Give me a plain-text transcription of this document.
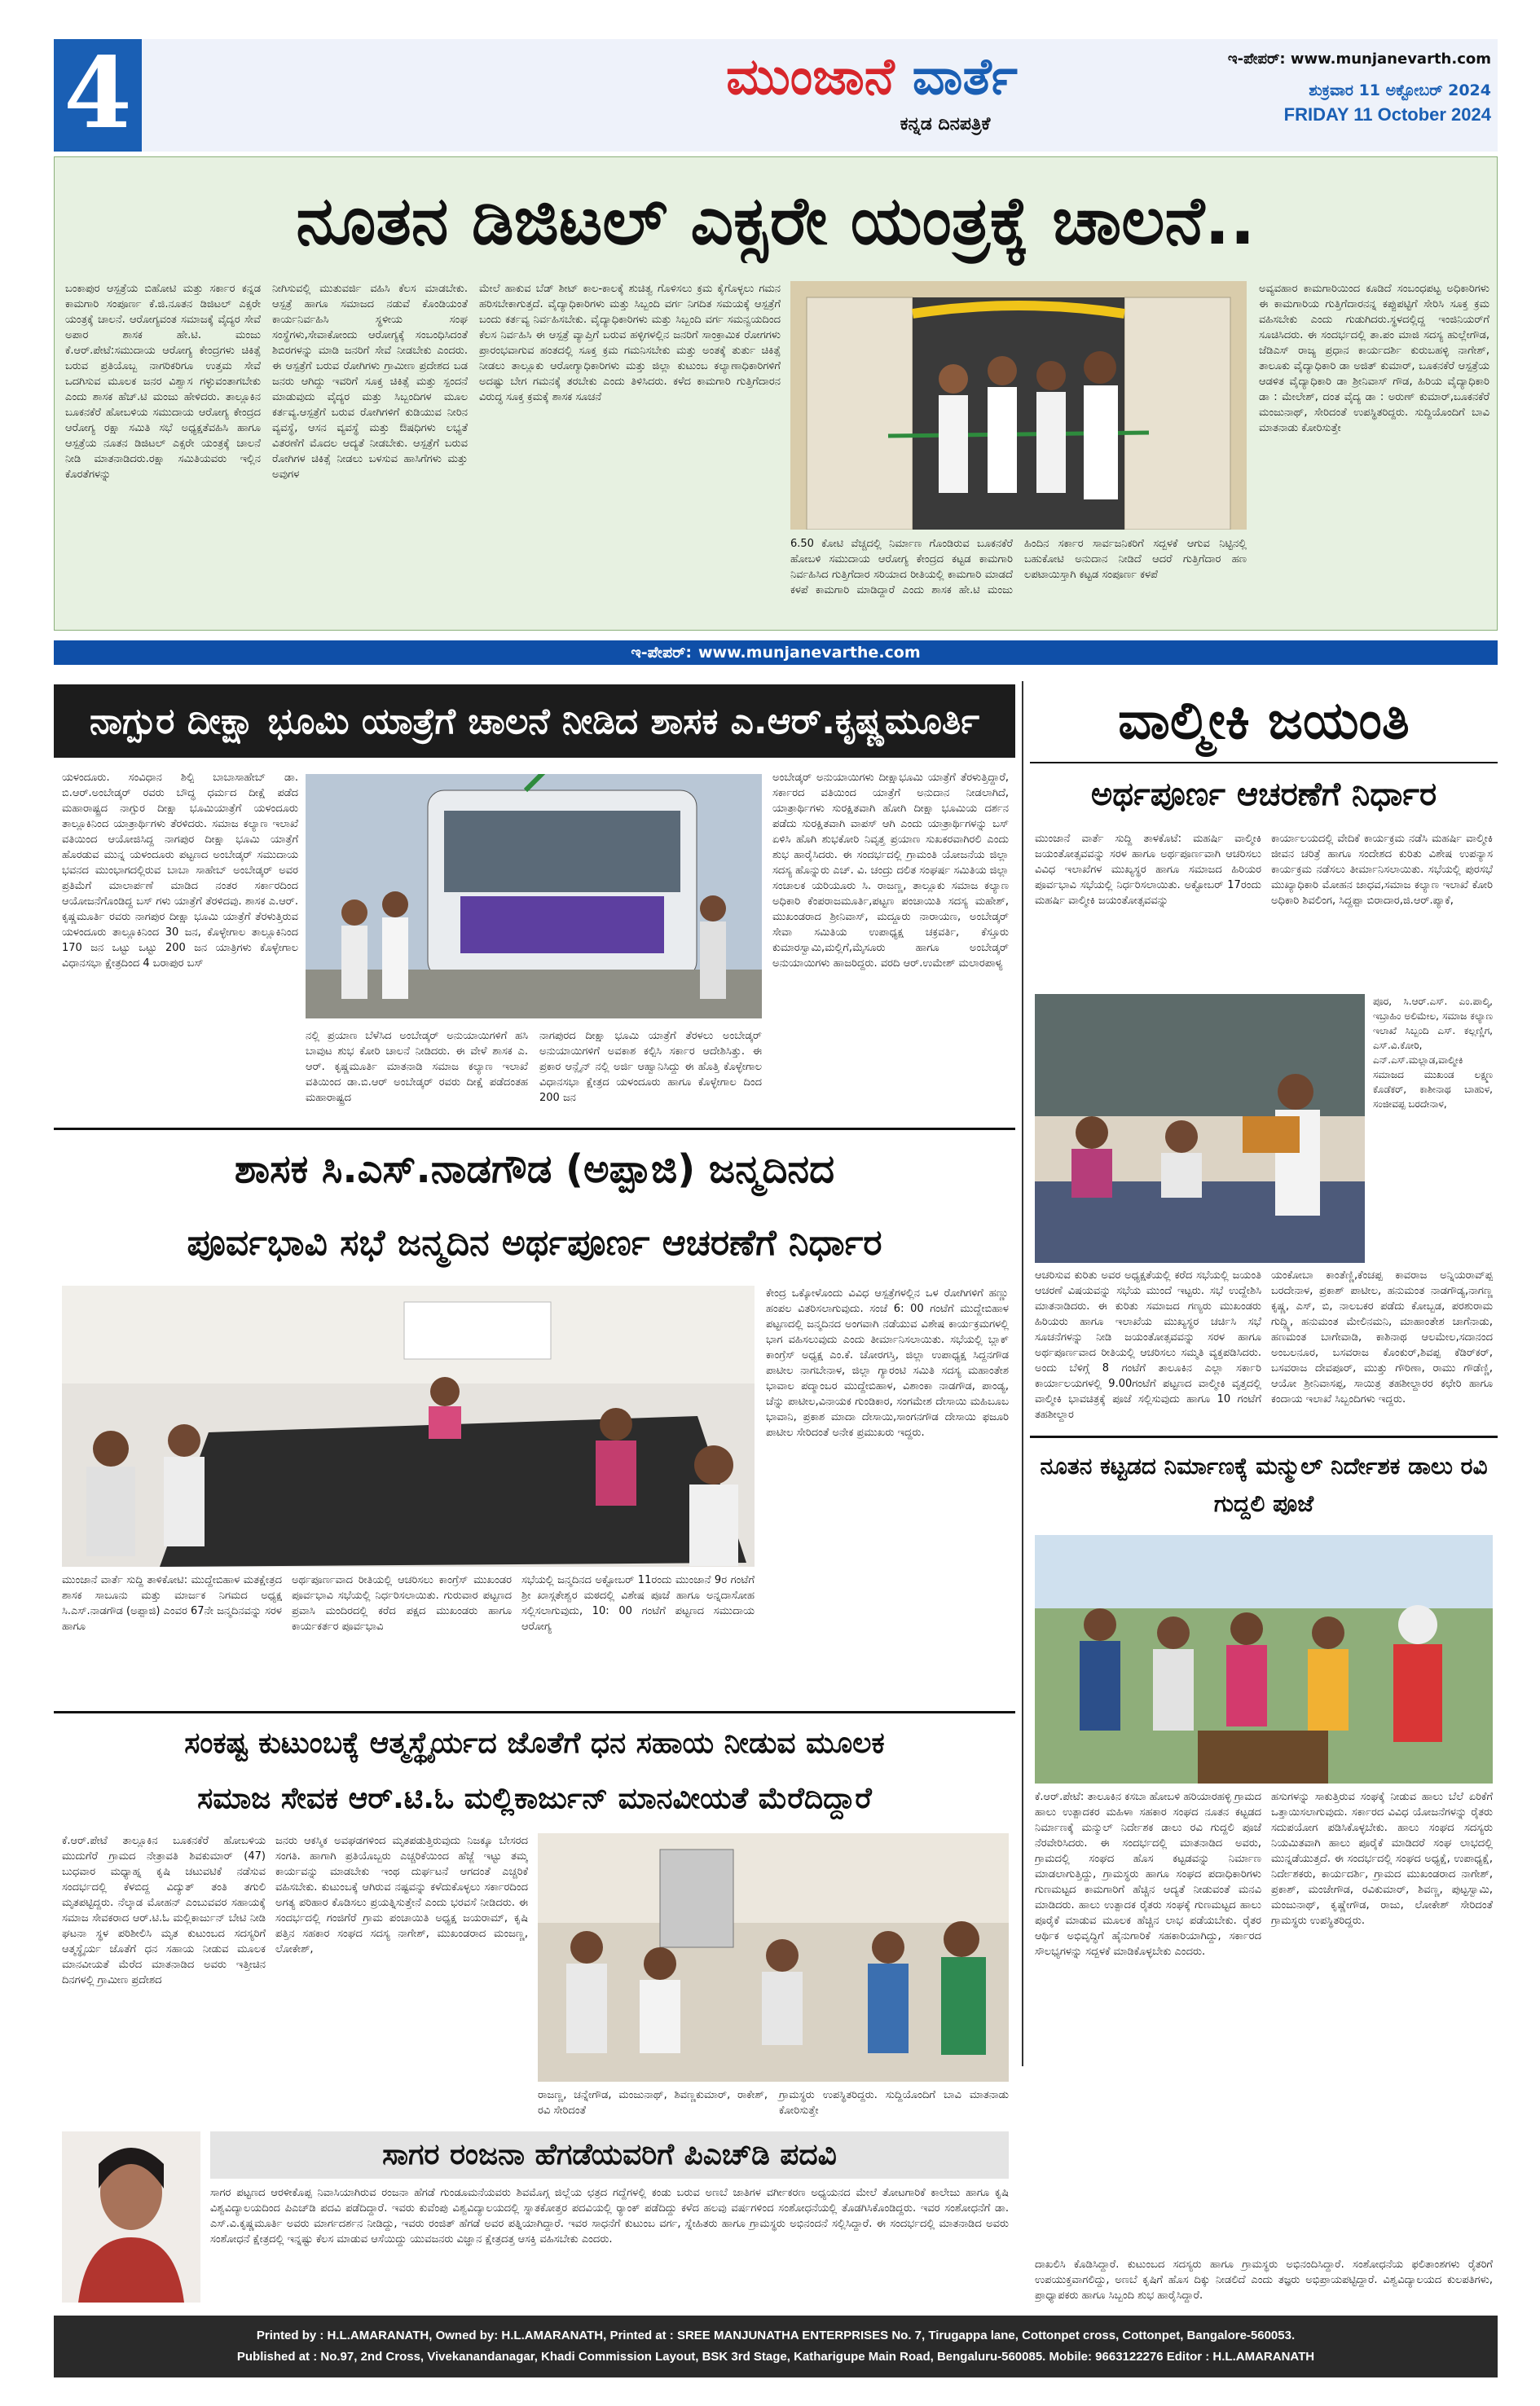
4	ಮುಂಜಾನೆ ವಾರ್ತೆ
ಕನ್ನಡ ದಿನಪತ್ರಿಕೆ
ಇ-ಪೇಪರ್: www.munjanevarth.com
ಶುಕ್ರವಾರ 11 ಅಕ್ಟೋಬರ್ 2024
FRIDAY 11 October 2024
ನೂತನ ಡಿಜಿಟಲ್ ಎಕ್ಸರೇ ಯಂತ್ರಕ್ಕೆ ಚಾಲನೆ..

ಬಂಕಾಪುರ ಆಸ್ಪತ್ರೆಯ ಬಿಹೋಟಿ ಮತ್ತು ಸರ್ಕಾರ ಕನ್ನಡ ಕಾಮಗಾರಿ ಸಂಪೂರ್ಣ ಕೆ.ಜಿ.ನೂತನ ಡಿಜಿಟಲ್ ಎಕ್ಸರೇ ಯಂತ್ರಕ್ಕೆ ಚಾಲನೆ. ಆರೋಗ್ಯವಂತ ಸಮಾಜಕ್ಕೆ ವೈದ್ಯರ ಸೇವೆ ಅಪಾರ ಶಾಸಕ ಹೇ.ಟಿ. ಮಂಜು ಕೆ.ಆರ್.ಪೇಟೆ:ಸಮುದಾಯ ಆರೋಗ್ಯ ಕೇಂದ್ರಗಳು ಚಿಕಿತ್ಸೆ ಬರುವ ಪ್ರತಿಯೊಬ್ಬ ನಾಗರಿಕರಿಗೂ ಉತ್ತಮ ಸೇವೆ ಒದಗಿಸುವ ಮೂಲಕ ಜನರ ವಿಶ್ವಾಸ ಗಳ್ಳುವಂತಾಗಬೇಕು ಎಂದು ಶಾಸಕ ಹೆಚ್.ಟಿ ಮಂಜು ಹೇಳಿದರು. ತಾಲ್ಲೂಕಿನ ಬೂಕನಕೆರೆ ಹೋಬಳಿಯ ಸಮುದಾಯ ಆರೋಗ್ಯ ಕೇಂದ್ರದ ಆರೋಗ್ಯ ರಕ್ಷಾ ಸಮಿತಿ ಸಭೆ ಅಧ್ಯಕ್ಷತೆವಹಿಸಿ ಹಾಗೂ ಆಸ್ಪತ್ರೆಯ ನೂತನ ಡಿಜಿಟಲ್ ಎಕ್ಸರೇ ಯಂತ್ರಕ್ಕೆ ಚಾಲನೆ ನೀಡಿ ಮಾತನಾಡಿದರು.ರಕ್ಷಾ ಸಮಿತಿಯವರು ಇಲ್ಲಿನ ಕೊರತೆಗಳನ್ನು

ನೀಗಿಸುವಲ್ಲಿ ಮುತುವರ್ಜಿ ವಹಿಸಿ ಕೆಲಸ ಮಾಡಬೇಕು. ಆಸ್ಪತ್ರೆ ಹಾಗೂ ಸಮಾಜದ ನಡುವೆ ಕೊಂಡಿಯಂತೆ ಕಾರ್ಯನಿರ್ವಹಿಸಿ ಸ್ಥಳೀಯ ಸಂಘ ಸಂಸ್ಥೆಗಳು,ಸೇವಾಕೋಂದು ಆರೋಗ್ಯಕ್ಕೆ ಸಂಬಂಧಿಸಿದಂತೆ ಶಿಬಿರಗಳನ್ನು ಮಾಡಿ ಜನರಿಗೆ ಸೇವೆ ನೀಡಬೇಕು ಎಂದರು. ಈ ಆಸ್ಪತ್ರೆಗೆ ಬರುವ ರೋಗಿಗಳು ಗ್ರಾಮೀಣ ಪ್ರದೇಶದ ಬಡ ಜನರು ಆಗಿದ್ದು ಇವರಿಗೆ ಸೂಕ್ತ ಚಿಕಿತ್ಸೆ ಮತ್ತು ಸ್ಪಂದನೆ ಮಾಡುವುದು ವೈದ್ಯರ ಮತ್ತು ಸಿಬ್ಬಂದಿಗಳ ಮೂಲ ಕರ್ತವ್ಯ.ಆಸ್ಪತ್ರೆಗೆ ಬರುವ ರೋಗಿಗಳಿಗೆ ಕುಡಿಯುವ ನೀರಿನ ವ್ಯವಸ್ಥೆ, ಆಸನ ವ್ಯವಸ್ಥೆ ಮತ್ತು ಔಷಧಿಗಳು ಲಭ್ಯತೆ ವಿತರಣೆಗೆ ಮೊದಲ ಆದ್ಯತೆ ನೀಡಬೇಕು. ಆಸ್ಪತ್ರೆಗೆ ಬರುವ ರೋಗಿಗಳ ಚಿಕಿತ್ಸೆ ನೀಡಲು ಬಳಸುವ ಹಾಸಿಗೆಗಳು ಮತ್ತು ಅವುಗಳ

ಮೇಲೆ ಹಾಕುವ ಬೆಡ್ ಶೀಟ್ ಕಾಲ-ಕಾಲಕ್ಕೆ ಶುಚಿತ್ವ ಗೊಳಿಸಲು ಕ್ರಮ ಕೈಗೊಳ್ಳಲು ಗಮನ ಹರಿಸಬೇಕಾಗುತ್ತದೆ. ವೈದ್ಯಾಧಿಕಾರಿಗಳು ಮತ್ತು ಸಿಬ್ಬಂದಿ ವರ್ಗ ನಿಗದಿತ ಸಮಯಕ್ಕೆ ಆಸ್ಪತ್ರೆಗೆ ಬಂದು ಕರ್ತವ್ಯ ನಿರ್ವಹಿಸಬೇಕು. ವೈದ್ಯಾಧಿಕಾರಿಗಳು ಮತ್ತು ಸಿಬ್ಬಂದಿ ವರ್ಗ ಸಮನ್ವಯದಿಂದ ಕೆಲಸ ನಿರ್ವಹಿಸಿ ಈ ಆಸ್ಪತ್ರೆ ವ್ಯಾಪ್ತಿಗೆ ಬರುವ ಹಳ್ಳಿಗಳಲ್ಲಿನ ಜನರಿಗೆ ಸಾಂಕ್ರಾಮಿಕ ರೋಗಗಳು ಪ್ರಾರಂಭವಾಗುವ ಹಂತದಲ್ಲಿ ಸೂಕ್ತ ಕ್ರಮ ಗಮನಿಸಬೇಕು ಮತ್ತು ಅಂತಕ್ಕೆ ತುರ್ತು ಚಿಕಿತ್ಸೆ ನೀಡಲು ತಾಲ್ಲೂಕು ಆರೋಗ್ಯಾಧಿಕಾರಿಗಳು ಮತ್ತು ಜಿಲ್ಲಾ ಕುಟುಂಬ ಕಲ್ಯಾಣಾಧಿಕಾರಿಗಳಿಗೆ ಅದಷ್ಟು ಬೇಗ ಗಮನಕ್ಕೆ ತರಬೇಕು ಎಂದು ತಿಳಿಸಿದರು. ಕಳೆದ ಕಾಮಗಾರಿ ಗುತ್ತಿಗೆದಾರನ ವಿರುದ್ಧ ಸೂಕ್ತ ಕ್ರಮಕ್ಕೆ ಶಾಸಕ ಸೂಚನೆ

6.50 ಕೋಟಿ ವೆಚ್ಚದಲ್ಲಿ ನಿರ್ಮಾಣ ಗೊಂಡಿರುವ ಬೂಕನಕೆರೆ ಹೋಬಳಿ ಸಮುದಾಯ ಆರೋಗ್ಯ ಕೇಂದ್ರದ ಕಟ್ಟಡ ಕಾಮಗಾರಿ ನಿರ್ವಹಿಸಿದ ಗುತ್ತಿಗೆದಾರ ಸರಿಯಾದ ರೀತಿಯಲ್ಲಿ ಕಾಮಗಾರಿ ಮಾಡದೆ ಕಳಪೆ ಕಾಮಗಾರಿ ಮಾಡಿದ್ದಾರೆ ಎಂದು ಶಾಸಕ ಹೇ.ಟಿ ಮಂಜು ಹಿಂದಿನ ಸರ್ಕಾರ ಸಾರ್ವಜನಿಕರಿಗೆ ಸದ್ಬಳಕೆ ಆಗುವ ನಿಟ್ಟಿನಲ್ಲಿ ಬಹುಕೋಟಿ ಅನುದಾನ ನೀಡಿದೆ ಆದರೆ ಗುತ್ತಿಗೆದಾರ ಹಣ ಲಪಟಾಯಿಸ್ತಾಗಿ ಕಟ್ಟಡ ಸಂಪೂರ್ಣ ಕಳಪೆ

ಅವ್ಯವಹಾರ ಕಾಮಗಾರಿಯಿಂದ ಕೂಡಿದೆ ಸಂಬಂಧಪಟ್ಟ ಅಧಿಕಾರಿಗಳು ಈ ಕಾಮಗಾರಿಯ ಗುತ್ತಿಗೆದಾರನನ್ನ ಕಪ್ಪುಪಟ್ಟಿಗೆ ಸೇರಿಸಿ ಸೂಕ್ತ ಕ್ರಮ ವಹಿಸಬೇಕು ಎಂದು ಗುಡುಗಿದರು.ಸ್ಥಳದಲ್ಲಿದ್ದ ಇಂಜಿನಿಯರ್‌ಗೆ ಸೂಚಿಸಿದರು. ಈ ಸಂದರ್ಭದಲ್ಲಿ ತಾ.ಪಂ ಮಾಜಿ ಸದಸ್ಯ ಹುಲ್ಲೇಗೌಡ, ಜೆಡಿಎಸ್ ರಾಜ್ಯ ಪ್ರಧಾನ ಕಾರ್ಯದರ್ಶಿ ಕುರುಬಹಳ್ಳಿ ನಾಗೇಶ್, ತಾಲೂಕು ವೈದ್ಯಾಧಿಕಾರಿ ಡಾ ಅಜಿತ್ ಕುಮಾರ್, ಬೂಕನಕೆರೆ ಆಸ್ಪತ್ರೆಯ ಆಡಳಿತ ವೈದ್ಯಾಧಿಕಾರಿ ಡಾ ಶ್ರೀನಿವಾಸ್ ಗೌಡ, ಹಿರಿಯ ವೈದ್ಯಾಧಿಕಾರಿ ಡಾ : ಮೇಲೇಶ್, ದಂತ ವೈದ್ಯ ಡಾ : ಅರುಣ್ ಕುಮಾರ್,ಬೂಕನಕೆರೆ ಮಂಜುನಾಥ್, ಸೇರಿದಂತೆ ಉಪಸ್ಥಿತರಿದ್ದರು. ಸುದ್ದಿಯೊಂದಿಗೆ ಬಾವಿ ಮಾತನಾಡು ಕೋರಿಸುತ್ತೇ

ಇ-ಪೇಪರ್: www.munjanevarthe.com
ನಾಗ್ಪುರ ದೀಕ್ಷಾ ಭೂಮಿ ಯಾತ್ರೆಗೆ ಚಾಲನೆ ನೀಡಿದ ಶಾಸಕ ಎ.ಆರ್.ಕೃಷ್ಣಮೂರ್ತಿ

ಯಳಂದೂರು. ಸಂವಿಧಾನ ಶಿಲ್ಪಿ ಬಾಬಾಸಾಹೇಬ್ ಡಾ. ಬಿ.ಆರ್.ಅಂಬೇಡ್ಕರ್ ರವರು ಬೌದ್ಧ ಧರ್ಮದ ದೀಕ್ಷೆ ಪಡೆದ ಮಹಾರಾಷ್ಟ್ರದ ನಾಗ್ಪುರ ದೀಕ್ಷಾ ಭೂಮಿಯಾತ್ರೆಗೆ ಯಳಂದೂರು ತಾಲ್ಲೂಕಿನಿಂದ ಯಾತ್ರಾರ್ಥಿಗಳು ತೆರಳಿದರು. ಸಮಾಜ ಕಲ್ಯಾಣ ಇಲಾಖೆ ವತಿಯಿಂದ ಆಯೋಜಿಸಿದ್ದ ನಾಗಪುರ ದೀಕ್ಷಾ ಭೂಮಿ ಯಾತ್ರೆಗೆ ಹೊರಡುವ ಮುನ್ನ ಯಳಂದೂರು ಪಟ್ಟಣದ ಅಂಬೇಡ್ಕರ್ ಸಮುದಾಯ ಭವನದ ಮುಂಭಾಗದಲ್ಲಿರುವ ಬಾಬಾ ಸಾಹೇಬ್ ಅಂಬೇಡ್ಕರ್ ಅವರ ಪ್ರತಿಮೆಗೆ ಮಾಲಾರ್ಪಣೆ ಮಾಡಿದ ನಂತರ ಸರ್ಕಾರದಿಂದ ಆಯೋಜನೆಗೊಂಡಿದ್ದ ಬಸ್ ಗಳು ಯಾತ್ರೆಗೆ ತೆರಳಿದವು. ಶಾಸಕ ಎ.ಆರ್. ಕೃಷ್ಣಮೂರ್ತಿ ರವರು ನಾಗಪುರ ದೀಕ್ಷಾ ಭೂಮಿ ಯಾತ್ರೆಗೆ ತೆರಳುತ್ತಿರುವ ಯಳಂದೂರು ತಾಲ್ಲೂಕಿನಿಂದ 30 ಜನ, ಕೊಳ್ಳೇಗಾಲ ತಾಲ್ಲೂಕಿನಿಂದ 170 ಜನ ಒಟ್ಟು ಒಟ್ಟು 200 ಜನ ಯಾತ್ರಿಗಳು ಕೊಳ್ಳೇಗಾಲ ವಿಧಾನಸಭಾ ಕ್ಷೇತ್ರದಿಂದ 4 ಬರಾಪುರ ಬಸ್

ನಲ್ಲಿ ಪ್ರಯಾಣ ಬೆಳೆಸಿದ ಅಂಬೇಡ್ಕರ್ ಅನುಯಾಯಿಗಳಿಗೆ ಹಸಿ ಬಾವುಟ ಶುಭ ಕೋರಿ ಚಾಲನೆ ನೀಡಿದರು. ಈ ವೇಳೆ ಶಾಸಕ ಎ. ಆರ್. ಕೃಷ್ಣಮೂರ್ತಿ ಮಾತನಾಡಿ ಸಮಾಜ ಕಲ್ಯಾಣ ಇಲಾಖೆ ವತಿಯಿಂದ ಡಾ.ಬಿ.ಆರ್ ಅಂಬೇಡ್ಕರ್ ರವರು ದೀಕ್ಷೆ ಪಡೆದಂತಹ ಮಹಾರಾಷ್ಟ್ರದ

ನಾಗಪುರದ ದೀಕ್ಷಾ ಭೂಮಿ ಯಾತ್ರೆಗೆ ತೆರಳಲು ಅಂಬೇಡ್ಕರ್ ಅನುಯಾಯಿಗಳಿಗೆ ಅವಕಾಶ ಕಲ್ಪಿಸಿ ಸರ್ಕಾರ ಆದೇಶಿಸಿತ್ತು. ಈ ಪ್ರಕಾರ ಆನ್ಲೈನ್ ನಲ್ಲಿ ಅರ್ಜಿ ಆಹ್ವಾನಿಸಿದ್ದು ಈ ಹೊತ್ತಿ ಕೊಳ್ಳೇಗಾಲ ವಿಧಾನಸಭಾ ಕ್ಷೇತ್ರದ ಯಳಂದೂರು ಹಾಗೂ ಕೊಳ್ಳೇಗಾಲ ದಿಂದ 200 ಜನ

ಅಂಬೇಡ್ಕರ್ ಅನುಯಾಯಿಗಳು ದೀಕ್ಷಾಭೂಮಿ ಯಾತ್ರೆಗೆ ತೆರಳುತ್ತಿದ್ದಾರೆ, ಸರ್ಕಾರದ ವತಿಯಿಂದ ಯಾತ್ರೆಗೆ ಅನುದಾನ ನೀಡಲಾಗಿದೆ, ಯಾತ್ರಾರ್ಥಿಗಳು ಸುರಕ್ಷಿತವಾಗಿ ಹೋಗಿ ದೀಕ್ಷಾ ಭೂಮಿಯ ದರ್ಶನ ಪಡೆದು ಸುರಕ್ಷಿತವಾಗಿ ವಾಪಸ್ ಆಗಿ ಎಂದು ಯಾತ್ರಾರ್ಥಿಗಳನ್ನು ಬಸ್ ಏಳಿಸಿ ಹೊಗಿ ಶುಭಕೋರಿ ನಿವೃತ್ತ ಪ್ರಯಾಣ ಸುಖಕರವಾಗಿರಲಿ ಎಂದು ಶುಭ ಹಾರೈಸಿದರು. ಈ ಸಂದರ್ಭದಲ್ಲಿ ಗ್ರಾಮಂತಿ ಯೋಜನೆಯ ಜಿಲ್ಲಾ ಸದಸ್ಯ ಹೊನ್ನುರು ಎಚ್. ವಿ. ಚಂದ್ರು ದಲಿತ ಸಂಘರ್ಷ ಸಮಿತಿಯ ಜಿಲ್ಲಾ ಸಂಚಾಲಕ ಯರಿಯೂರು ಸಿ. ರಾಜಣ್ಣ, ತಾಲ್ಲೂಕು ಸಮಾಜ ಕಲ್ಯಾಣ ಅಧಿಕಾರಿ ಕೆಂಪರಾಜಮೂರ್ತಿ,ಪಟ್ಟಣ ಪಂಚಾಯಿತಿ ಸದಸ್ಯ ಮಹೇಶ್, ಮುಖಂಡರಾದ ಶ್ರೀನಿವಾಸ್, ಮದ್ದೂರು ನಾರಾಯಣ, ಅಂಬೇಡ್ಕರ್ ಸೇವಾ ಸಮಿತಿಯ ಉಪಾಧ್ಯಕ್ಷ ಚಕ್ರವರ್ತಿ, ಕೆಸ್ತೂರು ಕುಮಾರಸ್ವಾಮಿ,ಮಲ್ಲಿಗೆ,ಮೈಸೂರು ಹಾಗೂ ಅಂಬೇಡ್ಕರ್ ಅನುಯಾಯಿಗಳು ಹಾಜರಿದ್ದರು. ವರದಿ ಆರ್.ಉಮೇಶ್ ಮಲಾರಪಾಳ್ಯ

ವಾಲ್ಮೀಕಿ ಜಯಂತಿ
ಅರ್ಥಪೂರ್ಣ ಆಚರಣೆಗೆ ನಿರ್ಧಾರ

ಮುಂಜಾನೆ ವಾರ್ತೆ ಸುದ್ದಿ ತಾಳಕೊಟೆ: ಮಹರ್ಷಿ ವಾಲ್ಮೀಕಿ ಜಯಂತೋತ್ಸವವನ್ನು ಸರಳ ಹಾಗೂ ಅರ್ಥಪೂರ್ಣವಾಗಿ ಆಚರಿಸಲು ವಿವಿಧ ಇಲಾಖೆಗಳ ಮುಖ್ಯಸ್ಥರ ಹಾಗೂ ಸಮಾಜದ ಹಿರಿಯರ ಪೂರ್ವಭಾವಿ ಸಭೆಯಲ್ಲಿ ನಿರ್ಧರಿಸಲಾಯಿತು. ಅಕ್ಟೋಬರ್ 17ರಂದು ಮಹರ್ಷಿ ವಾಲ್ಮೀಕಿ ಜಯಂತೋತ್ಸವವನ್ನು

ಕಾರ್ಯಾಲಯದಲ್ಲಿ ವೇದಿಕೆ ಕಾರ್ಯಕ್ರಮ ನಡೆಸಿ ಮಹರ್ಷಿ ವಾಲ್ಮೀಕಿ ಜೀವನ ಚರಿತ್ರೆ ಹಾಗೂ ಸಂದೇಶದ ಕುರಿತು ವಿಶೇಷ ಉಪನ್ಯಾಸ ಕಾರ್ಯಕ್ರಮ ನಡೆಸಲು ತೀರ್ಮಾನಿಸಲಾಯಿತು. ಸಭೆಯಲ್ಲಿ ಪುರಸಭೆ ಮುಖ್ಯಾಧಿಕಾರಿ ಮೋಹನ ಜಾಧವ,ಸಮಾಜ ಕಲ್ಯಾಣ ಇಲಾಖೆ ಕೋರಿ ಅಧಿಕಾರಿ ಶಿವಲಿಂಗ, ಸಿದ್ದಪ್ಪಾ ಬಿರಾದಾರ,ಜಿ.ಆರ್.ಪ್ಯಾಕೆ,

ಪೂರ, ಸಿ.ಆರ್.ಎಸ್. ಎಂ.ಪಾಲ್ಕಿ, ಇಬ್ರಾಹಿಂ ಅಲಿಮೇಲ, ಸಮಾಜ ಕಲ್ಯಾಣ ಇಲಾಖೆ ಸಿಬ್ಬಂದಿ ಎಸ್. ಕಲ್ಲಣ್ಣಿಗ, ಎಸ್.ವಿ.ಕೋರಿ, ಎನ್.ಎಸ್.ಮಲ್ಲಾಡ,ವಾಲ್ಮೀಕಿ ಸಮಾಜದ ಮುಖಂಡ ಲಕ್ಷ್ಮಣ ಕೊಡೆಕರ್, ಕಾಶೀನಾಥ ಬಾಹುಳ, ಸಂಜೀವಪ್ಪ ಬರದೇನಾಳ,

ಆಚರಿಸುವ ಕುರಿತು ಅವರ ಅಧ್ಯಕ್ಷತೆಯಲ್ಲಿ ಕರೆದ ಸಭೆಯಲ್ಲಿ ಜಯಂತಿ ಆಚರಣೆ ವಿಷಯವನ್ನು ಸಭೆಯ ಮುಂದೆ ಇಟ್ಟರು. ಸಭೆ ಉದ್ದೇಶಿಸಿ ಮಾತನಾಡಿದರು. ಈ ಕುರಿತು ಸಮಾಜದ ಗಣ್ಯರು ಮುಖಂಡರು ಹಿರಿಯರು ಹಾಗೂ ಇಲಾಖೆಯ ಮುಖ್ಯಸ್ಥರ ಚರ್ಚಿಸಿ ಸಭೆ ಸೂಚನೆಗಳನ್ನು ನೀಡಿ ಜಯಂತೋತ್ಸವವನ್ನು ಸರಳ ಹಾಗೂ ಅರ್ಥಪೂರ್ಣವಾದ ರೀತಿಯಲ್ಲಿ ಆಚರಿಸಲು ಸಮ್ಮತಿ ವ್ಯಕ್ತಪಡಿಸಿದರು. ಅಂದು ಬೆಳಿಗ್ಗೆ 8 ಗಂಟೆಗೆ ತಾಲೂಕಿನ ಎಲ್ಲಾ ಸರ್ಕಾರಿ ಕಾರ್ಯಾಲಯಗಳಲ್ಲಿ 9.00ಗಂಟೆಗೆ ಪಟ್ಟಣದ ವಾಲ್ಮೀಕಿ ವೃತ್ತದಲ್ಲಿ ವಾಲ್ಮೀಕಿ ಭಾವಚಿತ್ರಕ್ಕೆ ಪೂಜೆ ಸಲ್ಲಿಸುವುದು ಹಾಗೂ 10 ಗಂಟೆಗೆ ತಹಶೀಲ್ದಾರ

ಯಂಕೋಬಾ ಕಾಂತೆಣ್ಣಿ,ಕೆಂಚಪ್ಪ ಕಾವರಾಜ ಅನ್ನಿಯರಾವ್‌ಪ್ಪ ಬರದೇನಾಳ, ಪ್ರಕಾಶ್ ಪಾಟೀಲ, ಹನುಮಂತ ನಾಡಗೌಡ್ಯ,ನಾಗಣ್ಣ ಕೃಷ್ಣ, ಎಸ್, ಬಿ, ನಾಲಬಕರ ಪಡೆದು ಕೋಬ್ಬಡ, ಪರಶುರಾಮ ಗುದ್ದ್ಯಿ, ಹನುಮಂತ ಮೇಲಿನಮನಿ, ಮಾಹಾಂತೇಶ ಚಾಗೆನಾಡು, ಹಣಮಂತ ಬಾಗೇವಾಡಿ, ಕಾಶಿನಾಥ ಆಲಮೇಲ,ಸದಾನಂದ ಅಂಬಲನೂರ, ಬಸವರಾಜ ಕೊಂಕುರ್,ಶಿವಪ್ಪ ಕೆಡಿರ್‌ಕರ್, ಬಸವರಾಜ ದೇವಪೂರ್, ಮುತ್ತು ಗೌರಿಣಾ, ರಾಮು ಗೌಡೆಣ್ಣಿ, ಆಯೋ ಶ್ರೀನಿವಾಸಪ್ಪ, ಸಾಯಿತ್ರ ತಹಶೀಲ್ದಾರರ ಕಛೇರಿ ಹಾಗೂ ಕಂದಾಯ ಇಲಾಖೆ ಸಿಬ್ಬಂದಿಗಳು ಇದ್ದರು.

ಶಾಸಕ ಸಿ.ಎಸ್.ನಾಡಗೌಡ (ಅಪ್ಪಾಜಿ) ಜನ್ಮದಿನದ
ಪೂರ್ವಭಾವಿ ಸಭೆ ಜನ್ಮದಿನ ಅರ್ಥಪೂರ್ಣ ಆಚರಣೆಗೆ ನಿರ್ಧಾರ

ಕೇಂದ್ರ ಒಕ್ಕೋಳೊಂದು ವಿವಿಧ ಆಸ್ಪತ್ರೆಗಳಲ್ಲಿನ ಒಳ ರೋಗಿಗಳಿಗೆ ಹಣ್ಣು ಹಂಪಲ ವಿತರಿಸಲಾಗುವುದು. ಸಂಜೆ 6: 00 ಗಂಟೆಗೆ ಮುದ್ದೇಬಿಹಾಳ ಪಟ್ಟಣದಲ್ಲಿ ಜನ್ಮದಿನದ ಅಂಗವಾಗಿ ನಡೆಯುವ ವಿಶೇಷ ಕಾರ್ಯಕ್ರಮಗಳಲ್ಲಿ ಭಾಗ ವಹಿಸಲುವುದು ಎಂದು ತೀರ್ಮಾನಿಸಲಾಯಿತು. ಸಭೆಯಲ್ಲಿ ಬ್ಲಾಕ್ ಕಾಂಗ್ರೆಸ್ ಅಧ್ಯಕ್ಷ ಎಂ.ಕೆ. ಚೋರಗಸ್ತಿ, ಜಿಲ್ಲಾ ಉಪಾಧ್ಯಕ್ಷ ಸಿದ್ದನಗೌಡ ಪಾಟೀಲ ನಾಗಬೇನಾಳ, ಜಿಲ್ಲಾ ಗ್ಯಾರಂಟಿ ಸಮಿತಿ ಸದಸ್ಯ ಮಹಾಂತೇಶ ಭಾವಾಲ ಪದ್ಮಾಂಬರ ಮುದ್ದೇಬಿಹಾಳ, ವಿಶಾಂಕಾ ನಾಡಗೌಡ, ಪಾಂಡ್ಯ, ಚೆನ್ನು ಪಾಟೀಲ,ವಿನಾಯಕ ಗುಂಡಿಕಾರ, ಸಂಗಮೇಶ ದೇಸಾಯಿ ಮಹಿಬೂಬ ಭಾವಾನಿ, ಪ್ರಕಾಶ ಮಾದಾ ದೇಸಾಯಿ,ಸಾಂಗನಗೌಡ ದೇಸಾಯಿ ಫಜೂರಿ ಪಾಟೀಲ ಸೇರಿದಂತೆ ಅನೇಕ ಪ್ರಮುಖರು ಇದ್ದರು.

ಮುಂಜಾನೆ ವಾರ್ತೆ ಸುದ್ದಿ ತಾಳಿಕೋಟಿ: ಮುದ್ದೇಬಿಹಾಳ ಮತಕ್ಷೇತ್ರದ ಶಾಸಕ ಸಾಬೂನು ಮತ್ತು ಮಾರ್ಜಕ ನಿಗಮದ ಅಧ್ಯಕ್ಷ ಸಿ.ಎಸ್.ನಾಡಗೌಡ (ಅಪ್ಪಾಜಿ) ಎಂವರ 67ನೇ ಜನ್ಮದಿನವನ್ನು ಸರಳ ಹಾಗೂ

ಅರ್ಥಪೂರ್ಣವಾದ ರೀತಿಯಲ್ಲಿ ಆಚರಿಸಲು ಕಾಂಗ್ರೆಸ್ ಮುಖಂಡರ ಪೂರ್ವಭಾವಿ ಸಭೆಯಲ್ಲಿ ನಿರ್ಧರಿಸಲಾಯಿತು. ಗುರುವಾರ ಪಟ್ಟಣದ ಪ್ರವಾಸಿ ಮಂದಿರದಲ್ಲಿ ಕರೆದ ಪಕ್ಷದ ಮುಖಂಡರು ಹಾಗೂ ಕಾರ್ಯಕರ್ತರ ಪೂರ್ವಭಾವಿ

ಸಭೆಯಲ್ಲಿ ಜನ್ಮದಿನದ ಅಕ್ಟೋಬರ್ 11ರಂದು ಮುಂಜಾನೆ 9ರ ಗಂಟೆಗೆ ಶ್ರೀ ಖಾಸ್ಗತೇಶ್ವರ ಮಠದಲ್ಲಿ ವಿಶೇಷ ಪೂಜೆ ಹಾಗೂ ಅನ್ನದಾಸೋಹ ಸಲ್ಲಿಸಲಾಗುವುದು, 10: 00 ಗಂಟೆಗೆ ಪಟ್ಟಣದ ಸಮುದಾಯ ಆರೋಗ್ಯ

ನೂತನ ಕಟ್ಟಡದ ನಿರ್ಮಾಣಕ್ಕೆ ಮನ್ಮುಲ್ ನಿರ್ದೇಶಕ ಡಾಲು ರವಿ ಗುದ್ದಲಿ ಪೂಜೆ

ಕೆ.ಆರ್.ಪೇಟೆ: ತಾಲೂಕಿನ ಕಸಬಾ ಹೋಬಳಿ ಹರಿಯಾರಹಳ್ಳಿ ಗ್ರಾಮದ ಹಾಲು ಉತ್ಪಾದಕರ ಮಹಿಳಾ ಸಹಕಾರ ಸಂಘದ ನೂತನ ಕಟ್ಟಡದ ನಿರ್ಮಾಣಕ್ಕೆ ಮನ್ಮುಲ್ ನಿರ್ದೇಶಕ ಡಾಲು ರವಿ ಗುದ್ದಲಿ ಪೂಜೆ ನೆರವೇರಿಸಿದರು. ಈ ಸಂದರ್ಭದಲ್ಲಿ ಮಾತನಾಡಿದ ಅವರು, ಗ್ರಾಮದಲ್ಲಿ ಸಂಘದ ಹೊಸ ಕಟ್ಟಡವನ್ನು ನಿರ್ಮಾಣ ಮಾಡಲಾಗುತ್ತಿದ್ದು, ಗ್ರಾಮಸ್ಥರು ಹಾಗೂ ಸಂಘದ ಪದಾಧಿಕಾರಿಗಳು ಗುಣಮಟ್ಟದ ಕಾಮಗಾರಿಗೆ ಹೆಚ್ಚಿನ ಆದ್ಯತೆ ನೀಡುವಂತೆ ಮನವಿ ಮಾಡಿದರು. ಹಾಲು ಉತ್ಪಾದಕ ರೈತರು ಸಂಘಕ್ಕೆ ಗುಣಮಟ್ಟದ ಹಾಲು ಪೂರೈಕೆ ಮಾಡುವ ಮೂಲಕ ಹೆಚ್ಚಿನ ಲಾಭ ಪಡೆಯಬೇಕು. ರೈತರ ಆರ್ಥಿಕ ಅಭಿವೃದ್ಧಿಗೆ ಹೈನುಗಾರಿಕೆ ಸಹಕಾರಿಯಾಗಿದ್ದು, ಸರ್ಕಾರದ ಸೌಲಭ್ಯಗಳನ್ನು ಸದ್ಬಳಕೆ ಮಾಡಿಕೊಳ್ಳಬೇಕು ಎಂದರು.

ಹಸುಗಳನ್ನು ಸಾಕುತ್ತಿರುವ ಸಂಘಕ್ಕೆ ನೀಡುವ ಹಾಲು ಬೆಲೆ ಏರಿಕೆಗೆ ಒತ್ತಾಯಿಸಲಾಗುವುದು. ಸರ್ಕಾರದ ವಿವಿಧ ಯೋಜನೆಗಳನ್ನು ರೈತರು ಸದುಪಯೋಗ ಪಡಿಸಿಕೊಳ್ಳಬೇಕು. ಹಾಲು ಸಂಘದ ಸದಸ್ಯರು ನಿಯಮಿತವಾಗಿ ಹಾಲು ಪೂರೈಕೆ ಮಾಡಿದರೆ ಸಂಘ ಲಾಭದಲ್ಲಿ ಮುನ್ನಡೆಯುತ್ತದೆ. ಈ ಸಂದರ್ಭದಲ್ಲಿ ಸಂಘದ ಅಧ್ಯಕ್ಷೆ, ಉಪಾಧ್ಯಕ್ಷೆ, ನಿರ್ದೇಶಕರು, ಕಾರ್ಯದರ್ಶಿ, ಗ್ರಾಮದ ಮುಖಂಡರಾದ ನಾಗೇಶ್, ಪ್ರಕಾಶ್, ಮಂಜೇಗೌಡ, ರವಿಕುಮಾರ್, ಶಿವಣ್ಣ, ಪುಟ್ಟಸ್ವಾಮಿ, ಮಂಜುನಾಥ್, ಕೃಷ್ಣೇಗೌಡ, ರಾಜು, ಲೋಕೇಶ್ ಸೇರಿದಂತೆ ಗ್ರಾಮಸ್ಥರು ಉಪಸ್ಥಿತರಿದ್ದರು.

ಸಂಕಷ್ಟ ಕುಟುಂಬಕ್ಕೆ ಆತ್ಮಸ್ಥೈರ್ಯದ ಜೊತೆಗೆ ಧನ ಸಹಾಯ ನೀಡುವ ಮೂಲಕ
ಸಮಾಜ ಸೇವಕ ಆರ್.ಟಿ.ಓ ಮಲ್ಲಿಕಾರ್ಜುನ್ ಮಾನವೀಯತೆ ಮೆರೆದಿದ್ದಾರೆ

ಕೆ.ಆರ್.ಪೇಟೆ ತಾಲ್ಲೂಕಿನ ಬೂಕನಕೆರೆ ಹೋಬಳಿಯ ಮುದುಗೆರೆ ಗ್ರಾಮದ ನೇತ್ರಾವತಿ ಶಿವಕುಮಾರ್ (47) ಬುಧವಾರ ಮಧ್ಯಾಹ್ನ ಕೃಷಿ ಚಟುವಟಿಕೆ ನಡೆಸುವ ಸಂದರ್ಭದಲ್ಲಿ ಕೆಳಬಿದ್ದ ವಿದ್ಯುತ್ ತಂತಿ ತಗುಲಿ ಮೃತಪಟ್ಟಿದ್ದರು. ನೆಲ್ಕಾಡ ಮೋಹನ್ ಎಂಬುವವರ ಸಹಾಯಕ್ಕೆ ಸಮಾಜ ಸೇವಕರಾದ ಆರ್.ಟಿ.ಓ ಮಲ್ಲಿಕಾರ್ಜುನ್ ಬೇಟಿ ನೀಡಿ ಘಟನಾ ಸ್ಥಳ ಪರಿಶೀಲಿಸಿ ಮೃತ ಕುಟುಂಬದ ಸದಸ್ಯರಿಗೆ ಆತ್ಮಸ್ಥೈರ್ಯ ಜೊತೆಗೆ ಧನ ಸಹಾಯ ನೀಡುವ ಮೂಲಕ ಮಾನವೀಯತೆ ಮೆರೆದ ಮಾತನಾಡಿದ ಅವರು ಇತ್ತೀಚಿನ ದಿನಗಳಲ್ಲಿ ಗ್ರಾಮೀಣ ಪ್ರದೇಶದ

ಜನರು ಆಕಸ್ಮಿಕ ಅವಘಡಗಳಿಂದ ಮೃತಪಡುತ್ತಿರುವುದು ನಿಜಕ್ಕೂ ಬೇಸರದ ಸಂಗತಿ. ಹಾಗಾಗಿ ಪ್ರತಿಯೊಬ್ಬರು ಎಚ್ಚರಿಕೆಯಿಂದ ಹೆಜ್ಜೆ ಇಟ್ಟು ತಮ್ಮ ಕಾರ್ಯವನ್ನು ಮಾಡಬೇಕು ಇಂಥ ದುರ್ಘಟನೆ ಆಗದಂತೆ ಎಚ್ಚರಿಕೆ ವಹಿಸಬೇಕು. ಕುಟುಂಬಕ್ಕೆ ಆಗಿರುವ ನಷ್ಟವನ್ನು ಕಳೆದುಕೊಳ್ಳಲು ಸರ್ಕಾರದಿಂದ ಅಗತ್ಯ ಪರಿಹಾರ ಕೊಡಿಸಲು ಪ್ರಯತ್ನಿಸುತ್ತೇನೆ ಎಂದು ಭರವಸೆ ನೀಡಿದರು. ಈ ಸಂದರ್ಭದಲ್ಲಿ ಗಂಜಿಗೆರೆ ಗ್ರಾಮ ಪಂಚಾಯಿತಿ ಅಧ್ಯಕ್ಷ ಜಯರಾಮ್, ಕೃಷಿ ಪತ್ತಿನ ಸಹಕಾರ ಸಂಘದ ಸದಸ್ಯ ನಾಗೇಶ್, ಮುಖಂಡರಾದ ಮಂಜಣ್ಣ, ಲೋಕೇಶ್,

ರಾಜಣ್ಣ, ಚನ್ನೇಗೌಡ, ಮಂಜುನಾಥ್, ಶಿವಣ್ಣಕುಮಾರ್, ರಾಕೇಶ್, ರವಿ ಸೇರಿದಂತೆ

ಗ್ರಾಮಸ್ಥರು ಉಪಸ್ಥಿತರಿದ್ದರು. ಸುದ್ದಿಯೊಂದಿಗೆ ಬಾವಿ ಮಾತನಾಡು ಕೋರಿಸುತ್ತೇ

ಸಾಗರ ರಂಜನಾ ಹೆಗಡೆಯವರಿಗೆ ಪಿಎಚ್‌ಡಿ ಪದವಿ

ಸಾಗರ ಪಟ್ಟಣದ ಆರಳೀಕೊಪ್ಪ ನಿವಾಸಿಯಾಗಿರುವ ರಂಜನಾ ಹೆಗಡೆ ಗುಂಡೂಮನೆಯವರು ಶಿವಮೊಗ್ಗ ಜಿಲ್ಲೆಯ ಛತ್ರದ ಗದ್ದೆಗಳಲ್ಲಿ ಕಂಡು ಬರುವ ಅಣಬೆ ಜಾತಿಗಳ ವರ್ಗೀಕರಣ ಅಧ್ಯಯನದ ಮೇಲೆ ತೋಟಗಾರಿಕೆ ಕಾಲೇಜು ಹಾಗೂ ಕೃಷಿ ವಿಶ್ವವಿದ್ಯಾಲಯದಿಂದ ಪಿಎಚ್‌ಡಿ ಪದವಿ ಪಡೆದಿದ್ದಾರೆ. ಇವರು ಕುವೆಂಪು ವಿಶ್ವವಿದ್ಯಾಲಯದಲ್ಲಿ ಸ್ನಾತಕೋತ್ತರ ಪದವಿಯಲ್ಲಿ ರ್‍ಯಾಂಕ್ ಪಡೆದಿದ್ದು ಕಳೆದ ಹಲವು ವರ್ಷಗಳಿಂದ ಸಂಶೋಧನೆಯಲ್ಲಿ ತೊಡಗಿಸಿಕೊಂಡಿದ್ದರು. ಇವರ ಸಂಶೋಧನೆಗೆ ಡಾ. ಎಸ್.ವಿ.ಕೃಷ್ಣಮೂರ್ತಿ ಅವರು ಮಾರ್ಗದರ್ಶನ ನೀಡಿದ್ದು, ಇವರು ರಂಜಿತ್ ಹೆಗಡೆ ಅವರ ಪತ್ನಿಯಾಗಿದ್ದಾರೆ. ಇವರ ಸಾಧನೆಗೆ ಕುಟುಂಬ ವರ್ಗ, ಸ್ನೇಹಿತರು ಹಾಗೂ ಗ್ರಾಮಸ್ಥರು ಅಭಿನಂದನೆ ಸಲ್ಲಿಸಿದ್ದಾರೆ. ಈ ಸಂದರ್ಭದಲ್ಲಿ ಮಾತನಾಡಿದ ಅವರು ಸಂಶೋಧನೆ ಕ್ಷೇತ್ರದಲ್ಲಿ ಇನ್ನಷ್ಟು ಕೆಲಸ ಮಾಡುವ ಆಸೆಯಿದ್ದು ಯುವಜನರು ವಿಜ್ಞಾನ ಕ್ಷೇತ್ರದತ್ತ ಆಸಕ್ತಿ ವಹಿಸಬೇಕು ಎಂದರು.

ದಾಖಲಿಸಿ ಕೊಡಿಸಿದ್ದಾರೆ. ಕುಟುಂಬದ ಸದಸ್ಯರು ಹಾಗೂ ಗ್ರಾಮಸ್ಥರು ಅಭಿನಂದಿಸಿದ್ದಾರೆ. ಸಂಶೋಧನೆಯ ಫಲಿತಾಂಶಗಳು ರೈತರಿಗೆ ಉಪಯುಕ್ತವಾಗಲಿದ್ದು, ಅಣಬೆ ಕೃಷಿಗೆ ಹೊಸ ದಿಕ್ಕು ನೀಡಲಿದೆ ಎಂದು ತಜ್ಞರು ಅಭಿಪ್ರಾಯಪಟ್ಟಿದ್ದಾರೆ. ವಿಶ್ವವಿದ್ಯಾಲಯದ ಕುಲಪತಿಗಳು, ಪ್ರಾಧ್ಯಾಪಕರು ಹಾಗೂ ಸಿಬ್ಬಂದಿ ಶುಭ ಹಾರೈಸಿದ್ದಾರೆ.

Printed by : H.L.AMARANATH, Owned by: H.L.AMARANATH, Printed at : SREE MANJUNATHA ENTERPRISES No. 7, Tirugappa lane, Cottonpet cross, Cottonpet, Bangalore-560053.
Published at : No.97, 2nd Cross, Vivekanandanagar, Khadi Commission Layout, BSK 3rd Stage, Katharigupe Main Road, Bengaluru-560085. Mobile: 9663122276 Editor : H.L.AMARANATH
